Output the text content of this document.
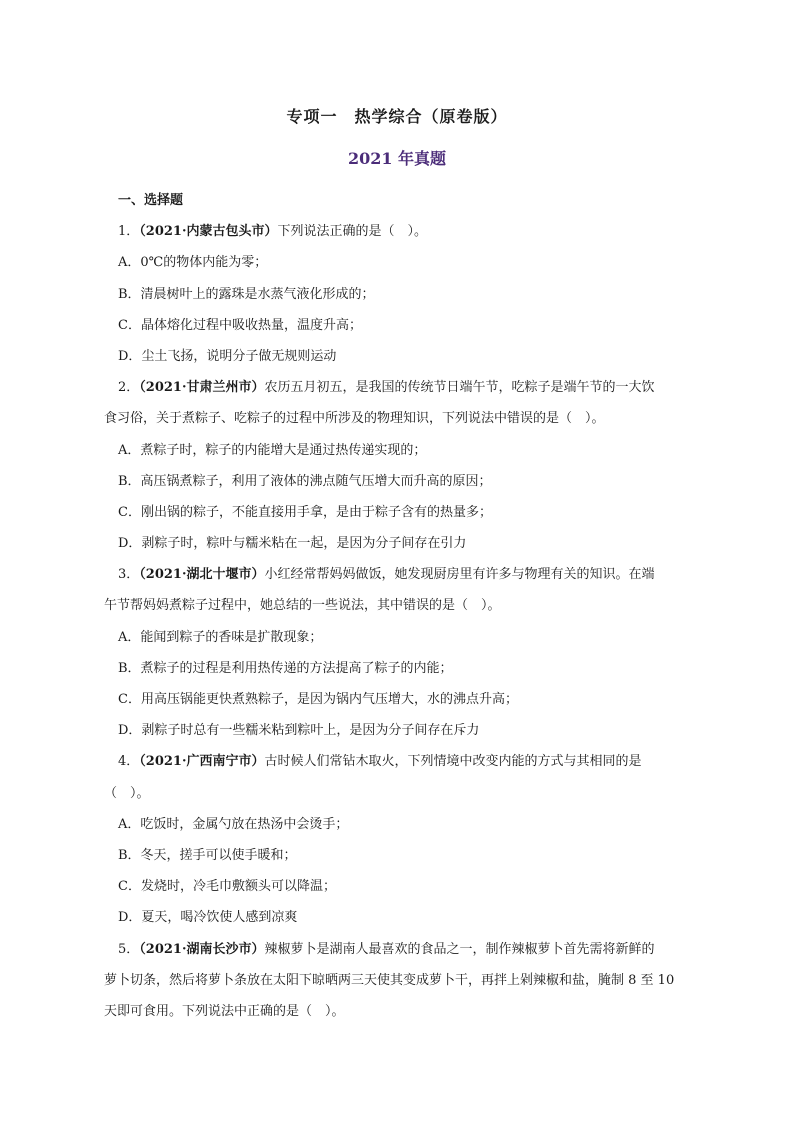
专项一　热学综合（原卷版）
2021 年真题
一、选择题
1．（2021·内蒙古包头市）下列说法正确的是（　）。
A．0℃的物体内能为零；
B．清晨树叶上的露珠是水蒸气液化形成的；
C．晶体熔化过程中吸收热量，温度升高；
D．尘土飞扬，说明分子做无规则运动
2．（2021·甘肃兰州市）农历五月初五，是我国的传统节日端午节，吃粽子是端午节的一大饮
食习俗，关于煮粽子、吃粽子的过程中所涉及的物理知识，下列说法中错误的是（　）。
A．煮粽子时，粽子的内能增大是通过热传递实现的；
B．高压锅煮粽子，利用了液体的沸点随气压增大而升高的原因；
C．刚出锅的粽子，不能直接用手拿，是由于粽子含有的热量多；
D．剥粽子时，粽叶与糯米粘在一起，是因为分子间存在引力
3．（2021·湖北十堰市）小红经常帮妈妈做饭，她发现厨房里有许多与物理有关的知识。在端
午节帮妈妈煮粽子过程中，她总结的一些说法，其中错误的是（　）。
A．能闻到粽子的香味是扩散现象；
B．煮粽子的过程是利用热传递的方法提高了粽子的内能；
C．用高压锅能更快煮熟粽子，是因为锅内气压增大，水的沸点升高；
D．剥粽子时总有一些糯米粘到粽叶上，是因为分子间存在斥力
4．（2021·广西南宁市）古时候人们常钻木取火，下列情境中改变内能的方式与其相同的是
（　）。
A．吃饭时，金属勺放在热汤中会烫手；
B．冬天，搓手可以使手暖和；
C．发烧时，冷毛巾敷额头可以降温；
D．夏天，喝冷饮使人感到凉爽
5．（2021·湖南长沙市）辣椒萝卜是湖南人最喜欢的食品之一，制作辣椒萝卜首先需将新鲜的
萝卜切条，然后将萝卜条放在太阳下晾晒两三天使其变成萝卜干，再拌上剁辣椒和盐，腌制 8 至 10
天即可食用。下列说法中正确的是（　）。
